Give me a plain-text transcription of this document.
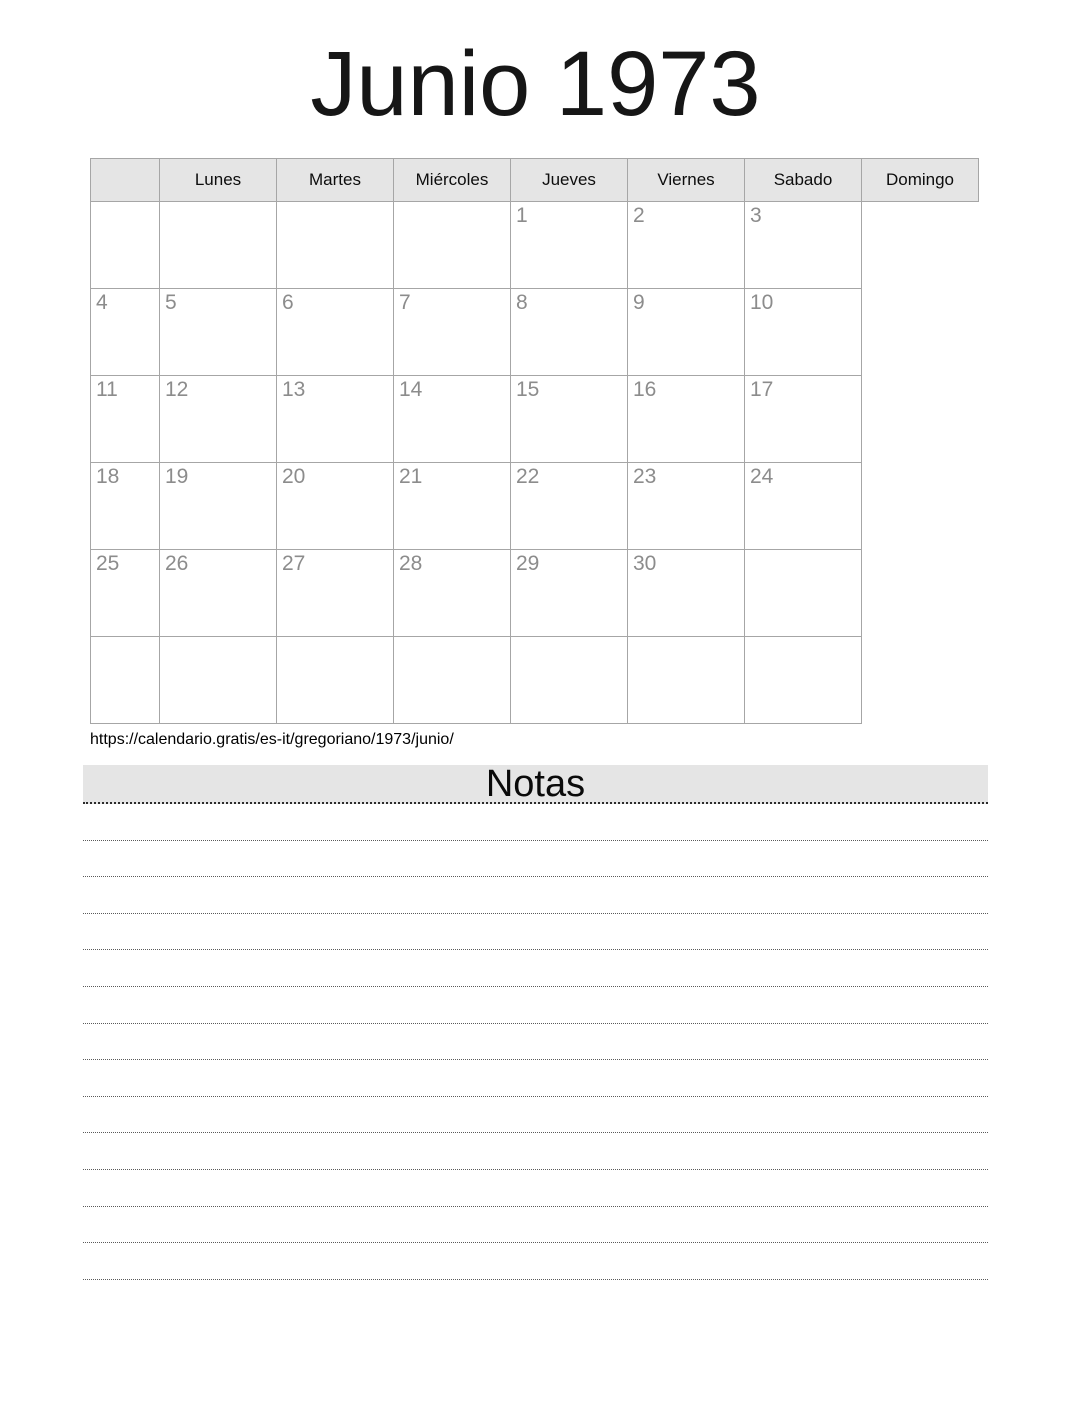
Junio 1973
	Lunes	Martes	Miércoles	Jueves	Viernes	Sabado	Domingo
				1	2	3	
4	5	6	7	8	9	10	
11	12	13	14	15	16	17	
18	19	20	21	22	23	24	
25	26	27	28	29	30		

https://calendario.gratis/es-it/gregoriano/1973/junio/
Notas
